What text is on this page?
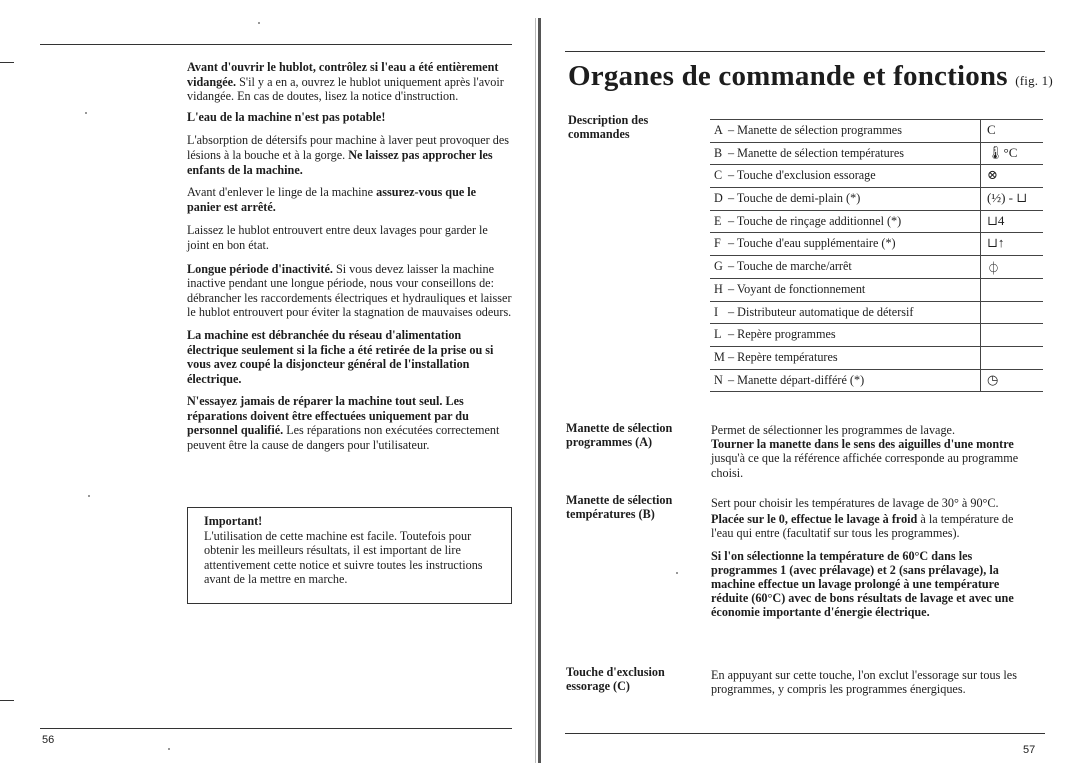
Avant d'ouvrir le hublot, contrôlez si l'eau a été entièrement vidangée. S'il y a en a, ouvrez le hublot uniquement après l'avoir vidangée. En cas de doutes, lisez la notice d'instruction.

L'eau de la machine n'est pas potable!

L'absorption de détersifs pour machine à laver peut provoquer des lésions à la bouche et à la gorge. Ne laissez pas approcher les enfants de la machine.

Avant d'enlever le linge de la machine assurez-vous que le panier est arrêté.

Laissez le hublot entrouvert entre deux lavages pour garder le joint en bon état.

Longue période d'inactivité. Si vous devez laisser la machine inactive pendant une longue période, nous vour conseillons de: débrancher les raccordements électriques et hydrauliques et laisser le hublot entrouvert pour éviter la stagnation de mauvaises odeurs.

La machine est débranchée du réseau d'alimentation électrique seulement si la fiche a été retirée de la prise ou si vous avez coupé la disjoncteur général de l'installation électrique.

N'essayez jamais de réparer la machine tout seul. Les réparations doivent être effectuées uniquement par du personnel qualifié. Les réparations non exécutées correctement peuvent être la cause de dangers pour l'utilisateur.

Important!

L'utilisation de cette machine est facile. Toutefois pour obtenir les meilleurs résultats, il est important de lire attentivement cette notice et suivre toutes les instructions avant de la mettre en marche.

56
Organes de commande et fonctions (fig. 1)
Description des commandes	A – Manette de sélection programmes	C
B – Manette de sélection températures	🌡°C
C – Touche d'exclusion essorage	⊗
D – Touche de demi-plain (*)	(½) - ⊔
E – Touche de rinçage additionnel (*)	⊔4
F – Touche d'eau supplémentaire (*)	⊔↑
G – Touche de marche/arrêt	⏀
H – Voyant de fonctionnement
I – Distributeur automatique de détersif
L – Repère programmes
M – Repère températures
N – Manette départ-différé (*)	◷
Manette de sélection
programmes (A)

Permet de sélectionner les programmes de lavage.

Tourner la manette dans le sens des aiguilles d'une montre jusqu'à ce que la référence affichée corresponde au programme choisi.

Manette de sélection
températures (B)

Sert pour choisir les températures de lavage de 30° à 90°C.

Placée sur le 0, effectue le lavage à froid à la température de l'eau qui entre (facultatif sur tous les programmes).

Si l'on sélectionne la température de 60°C dans les programmes 1 (avec prélavage) et 2 (sans prélavage), la machine effectue un lavage prolongé à une température réduite (60°C) avec de bons résultats de lavage et avec une économie importante d'énergie électrique.

Touche d'exclusion
essorage (C)

En appuyant sur cette touche, l'on exclut l'essorage sur tous les programmes, y compris les programmes énergiques.

57
